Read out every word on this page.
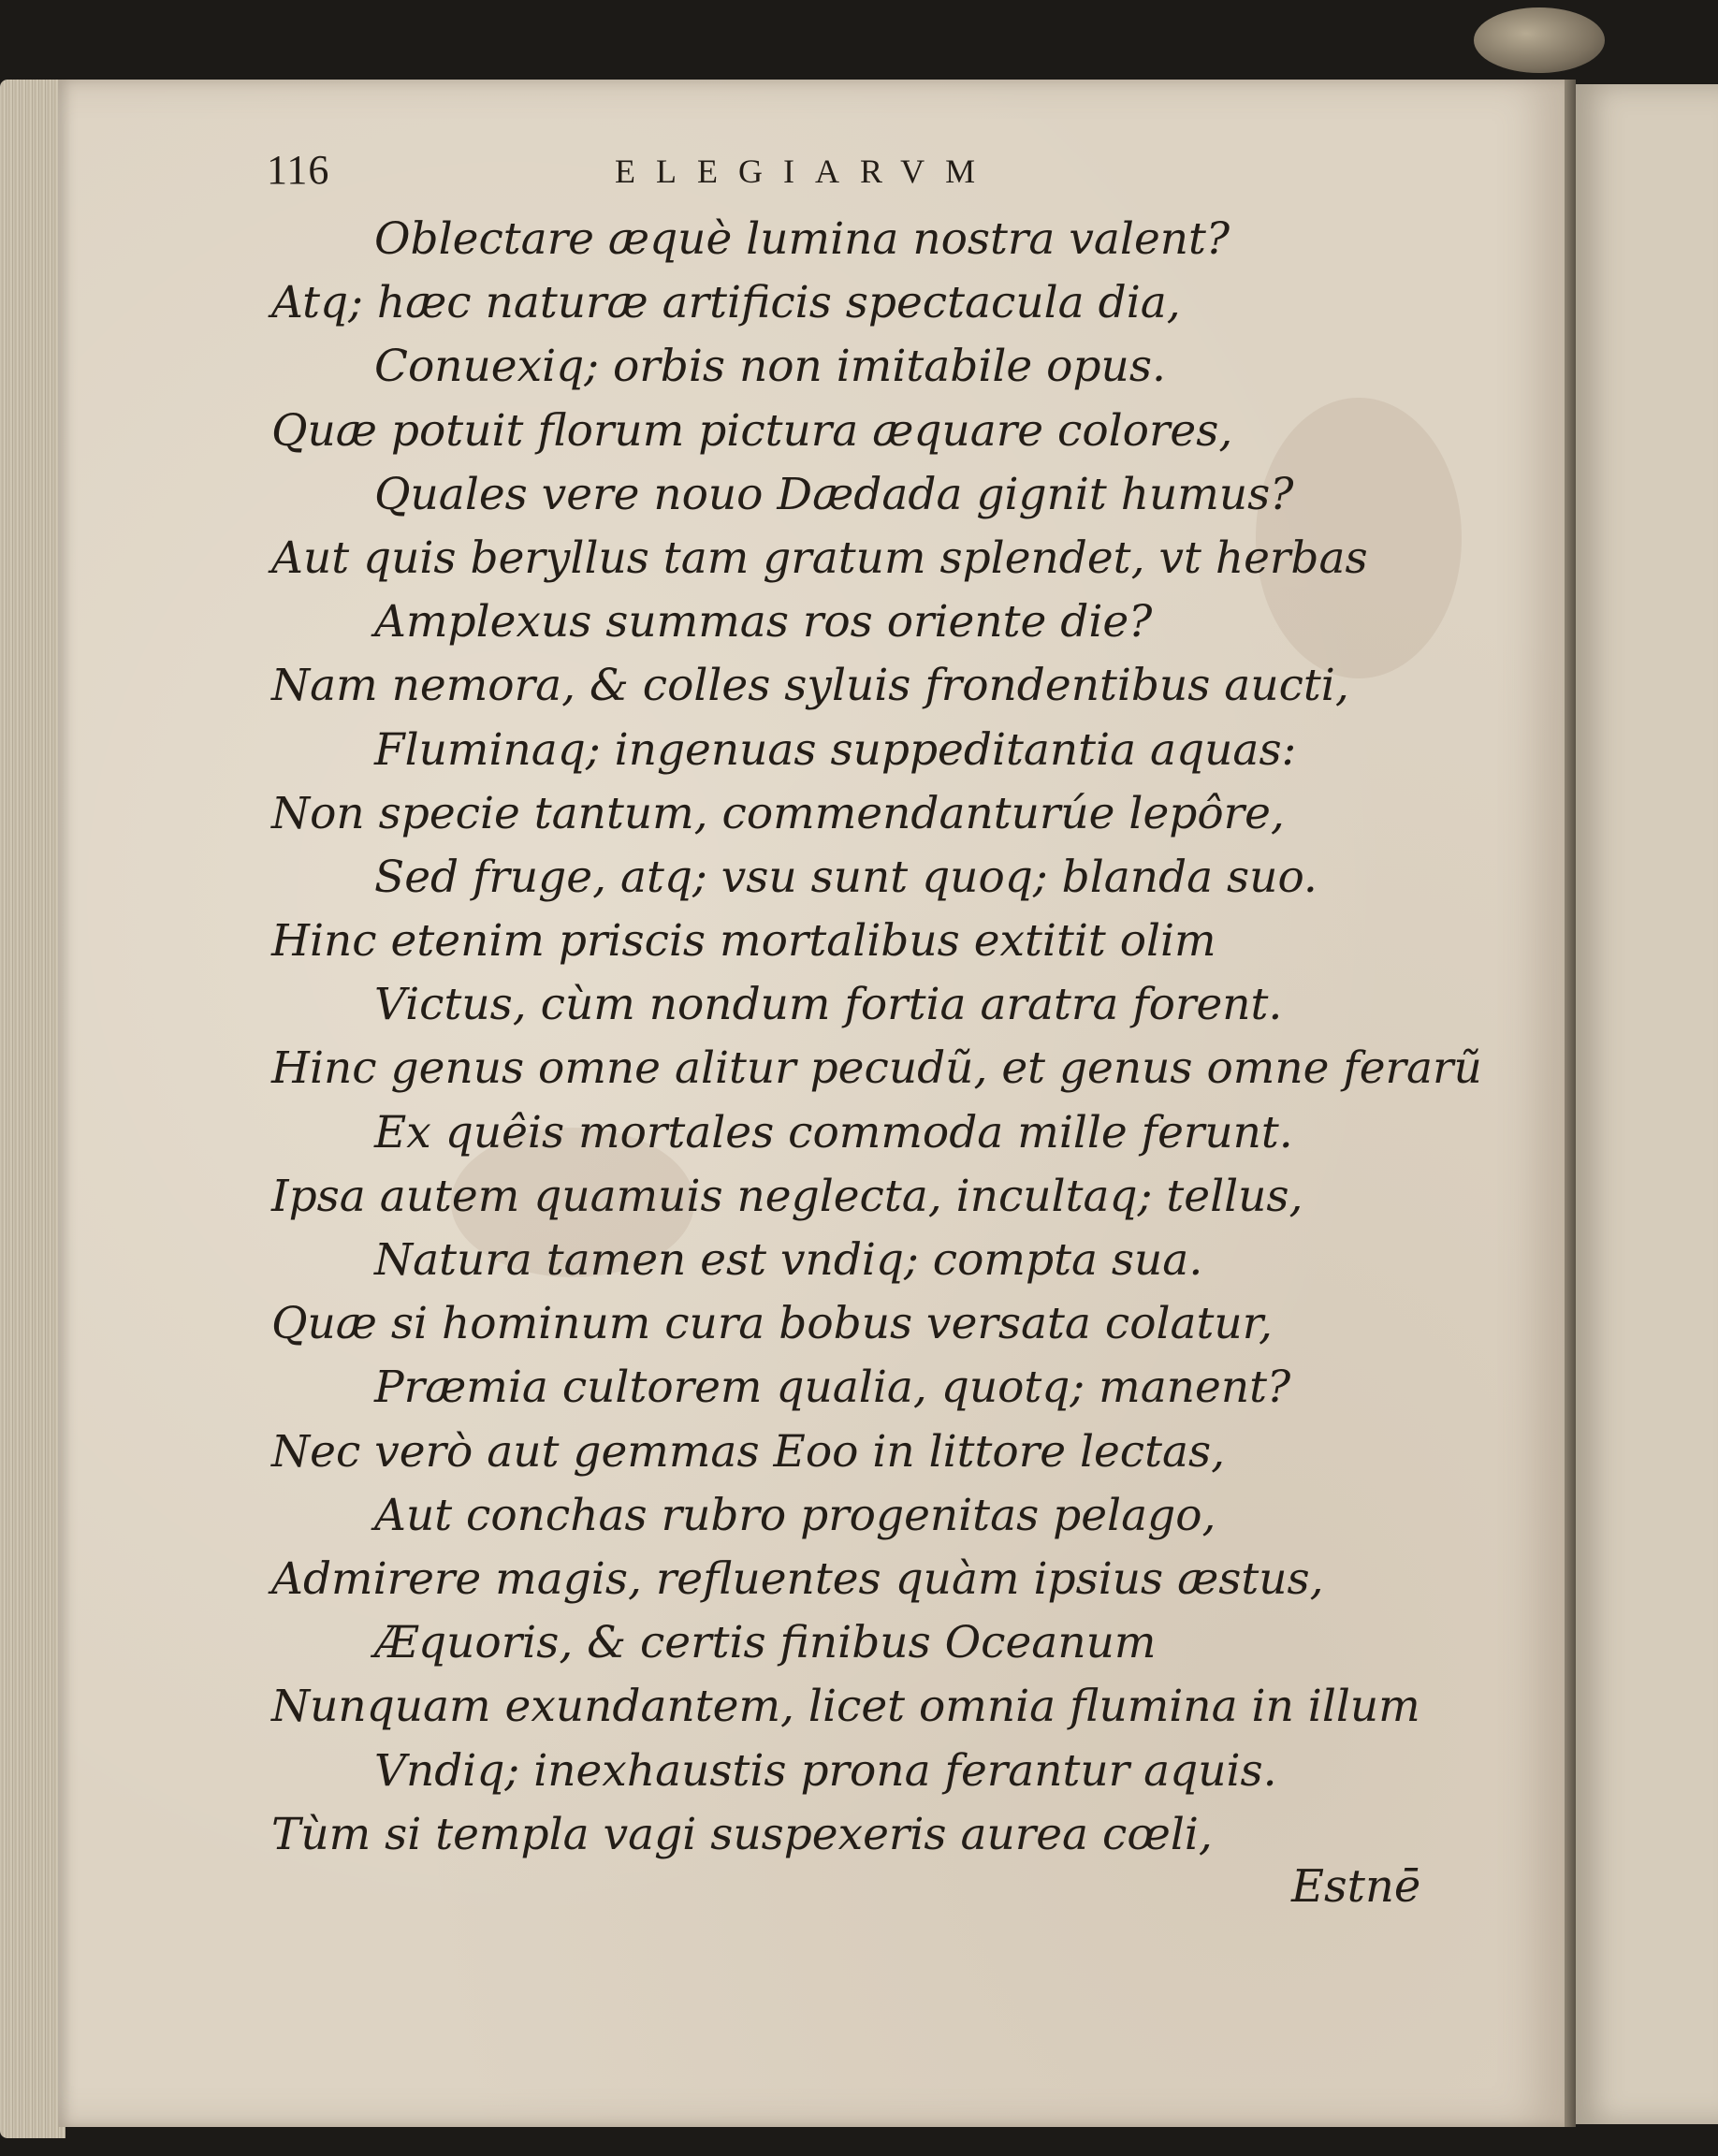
116	ELEGIARVM
Oblectare æquè lumina nostra valent?
Atq; hæc naturæ artificis spectacula dia,
Conuexiq; orbis non imitabile opus.
Quæ potuit florum pictura æquare colores,
Quales vere nouo Dædada gignit humus?
Aut quis beryllus tam gratum splendet, vt herbas
Amplexus summas ros oriente die?
Nam nemora, & colles syluis frondentibus aucti,
Fluminaq; ingenuas suppeditantia aquas:
Non specie tantum, commendanturúe lepôre,
Sed fruge, atq; vsu sunt quoq; blanda suo.
Hinc etenim priscis mortalibus extitit olim
Victus, cùm nondum fortia aratra forent.
Hinc genus omne alitur pecudũ, et genus omne ferarũ
Ex quêis mortales commoda mille ferunt.
Ipsa autem quamuis neglecta, incultaq; tellus,
Natura tamen est vndiq; compta sua.
Quæ si hominum cura bobus versata colatur,
Præmia cultorem qualia, quotq; manent?
Nec verò aut gemmas Eoo in littore lectas,
Aut conchas rubro progenitas pelago,
Admirere magis, refluentes quàm ipsius æstus,
Æquoris, & certis finibus Oceanum
Nunquam exundantem, licet omnia flumina in illum
Vndiq; inexhaustis prona ferantur aquis.
Tùm si templa vagi suspexeris aurea cœli,
Estnē
